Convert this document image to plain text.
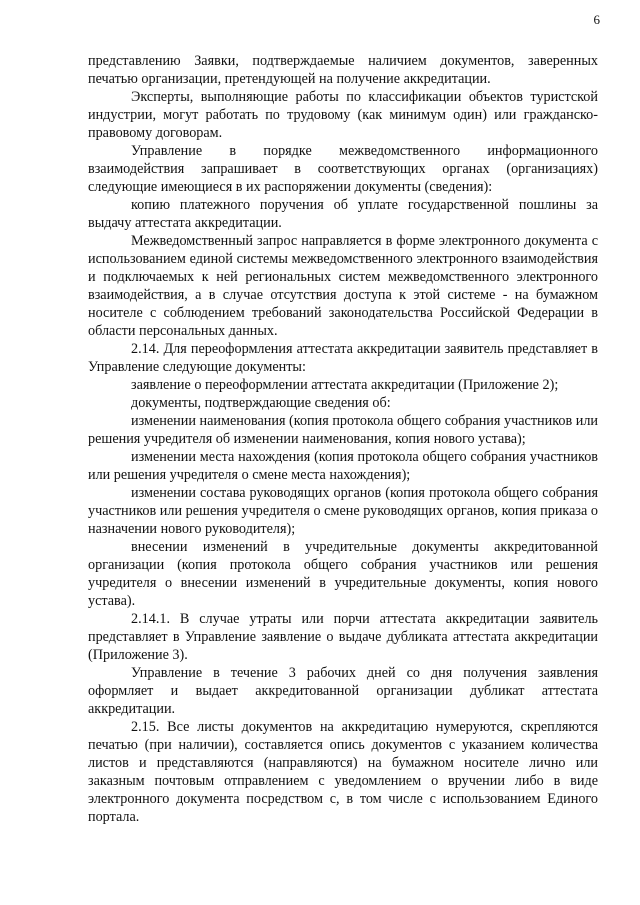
6

представлению Заявки, подтверждаемые наличием документов, заверенных печатью организации, претендующей на получение аккредитации.

Эксперты, выполняющие работы по классификации объектов туристской индустрии, могут работать по трудовому (как минимум один) или гражданско-правовому договорам.

Управление в порядке межведомственного информационного взаимодействия запрашивает в соответствующих органах (организациях) следующие имеющиеся в их распоряжении документы (сведения):

копию платежного поручения об уплате государственной пошлины за выдачу аттестата аккредитации.

Межведомственный запрос направляется в форме электронного документа с использованием единой системы межведомственного электронного взаимодействия и подключаемых к ней региональных систем межведомственного электронного взаимодействия, а в случае отсутствия доступа к этой системе - на бумажном носителе с соблюдением требований законодательства Российской Федерации в области персональных данных.

2.14. Для переоформления аттестата аккредитации заявитель представляет в Управление следующие документы:

заявление о переоформлении аттестата аккредитации (Приложение 2);

документы, подтверждающие сведения об:

изменении наименования (копия протокола общего собрания участников или решения учредителя об изменении наименования, копия нового устава);

изменении места нахождения (копия протокола общего собрания участников или решения учредителя о смене места нахождения);

изменении состава руководящих органов (копия протокола общего собрания участников или решения учредителя о смене руководящих органов, копия приказа о назначении нового руководителя);

внесении изменений в учредительные документы аккредитованной организации (копия протокола общего собрания участников или решения учредителя о внесении изменений в учредительные документы, копия нового устава).

2.14.1. В случае утраты или порчи аттестата аккредитации заявитель представляет в Управление заявление о выдаче дубликата аттестата аккредитации (Приложение 3).

Управление в течение 3 рабочих дней со дня получения заявления оформляет и выдает аккредитованной организации дубликат аттестата аккредитации.

2.15. Все листы документов на аккредитацию нумеруются, скрепляются печатью (при наличии), составляется опись документов с указанием количества листов и представляются (направляются) на бумажном носителе лично или заказным почтовым отправлением с уведомлением о вручении либо в виде электронного документа посредством с, в том числе с использованием Единого портала.
